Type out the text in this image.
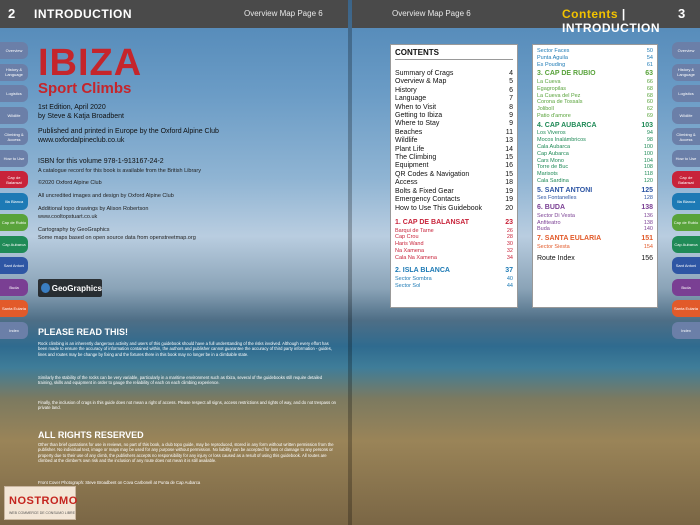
2 INTRODUCTION	Overview Map Page 6	Overview Map Page 6	Contents | INTRODUCTION
3
Overview
History & Language
Logistics
Wildlife
Climbing & Access
How to Use
Cap de Balansat
Illa Blanca
Cap de Rubio
Cap Aubarca
Sant Antoni
Buda
Santa Eularia
Index
Overview
History & Language
Logistics
Wildlife
Climbing & Access
How to Use
Cap de Balansat
Illa Blanca
Cap de Rubio
Cap Aubarca
Sant Antoni
Buda
Santa Eularia
Index
IBIZA
Sport Climbs
1st Edition, April 2020
by Steve & Katja Broadbent
Published and printed in Europe by the Oxford Alpine Club
www.oxfordalpineclub.co.uk
ISBN for this volume 978-1-913167-24-2
A catalogue record for this book is available from the British Library
©2020 Oxford Alpine Club
All uncredited images and design by Oxford Alpine Club
Additional topo drawings by Alison Robertson
www.cooltopstuart.co.uk
Cartography by GeoGraphics
Some maps based on open source data from openstreetmap.org
GeoGraphics
PLEASE READ THIS!
Rock climbing is an inherently dangerous activity and users of this guidebook should have a full understanding of the risks involved. Although every effort has been made to ensure the accuracy of information contained within, the authors and publisher cannot guarantee the accuracy of third party information - guides, lines and routes may be change by fixing and the fixtures there in this book may no longer be in a climbable state.
Similarly the stability of the rocks can be very variable, particularly in a maritime environment such as Ibiza, several of the guidebooks still require detailed training, skills and equipment in order to gauge the reliability of each on each climbing experience.
Finally, the inclusion of crags in this guide does not mean a right of access. Please respect all signs, access restrictions and rights of way, and do not trespass on private land.
ALL RIGHTS RESERVED
Other than brief quotations for use in reviews, no part of this book, a club topo guide, may be reproduced, stored in any form without written permission from the publisher. No individual text, image or maps may be used for any purpose without permission. No liability can be accepted for loss or damage to any persons or property due to their use of any climb, the publishers accepts no responsibility for any injury or loss caused as a result of using this guidebook. All routes are climbed at the climber's own risk and the inclusion of any route does not mean it is still available.
Front Cover Photograph: Steve Broadbent on Cova Carbonell at Punta de Cap Aubarca
NOSTROMO
WEB COMMERCE DE CONSUMO LIBRE
CONTENTS
Summary of Crags	4
Overview & Map	5
History	6
Language	7
When to Visit	8
Getting to Ibiza	9
Where to Stay	9
Beaches	11
Wildlife	13
Plant Life	14
The Climbing	15
Equipment	16
QR Codes & Navigation	15
Access	18
Bolts & Fixed Gear	19
Emergency Contacts	19
How to Use This Guidebook	20
1. CAP DE BALANSAT	23
Barqui de Tarne	26
Cap Crou	28
Haris Wand	30
Na Xamena	32
Cala Na Xamena	34
2. ISLA BLANCA	37
Sector Sombra	40
Sector Sol	44
Sector Faces	50
Punta Aguila	54
Es Pouding	61
3. CAP DE RUBIO	63
La Cueva	66
Egagropilas	68
La Cueva del Pez	68
Corona de Tossals	60
Joliboll	62
Patio d'amore	69
4. CAP AUBARCA	103
Los Viveros	94
Mocos Inalámbricos	98
Cala Aubarca	100
Cap Aubarca	100
Cars Mono	104
Torre de Buc	108
Marisots	118
Cala Sardina	120
5. SANT ANTONI	125
Ses Fontanelles	128
6. BUDA	138
Sector Di Vesta	136
Anfiteatro	138
Buda	140
7. SANTA EULARIA	151
Sector Siesta	154
Route Index	156
